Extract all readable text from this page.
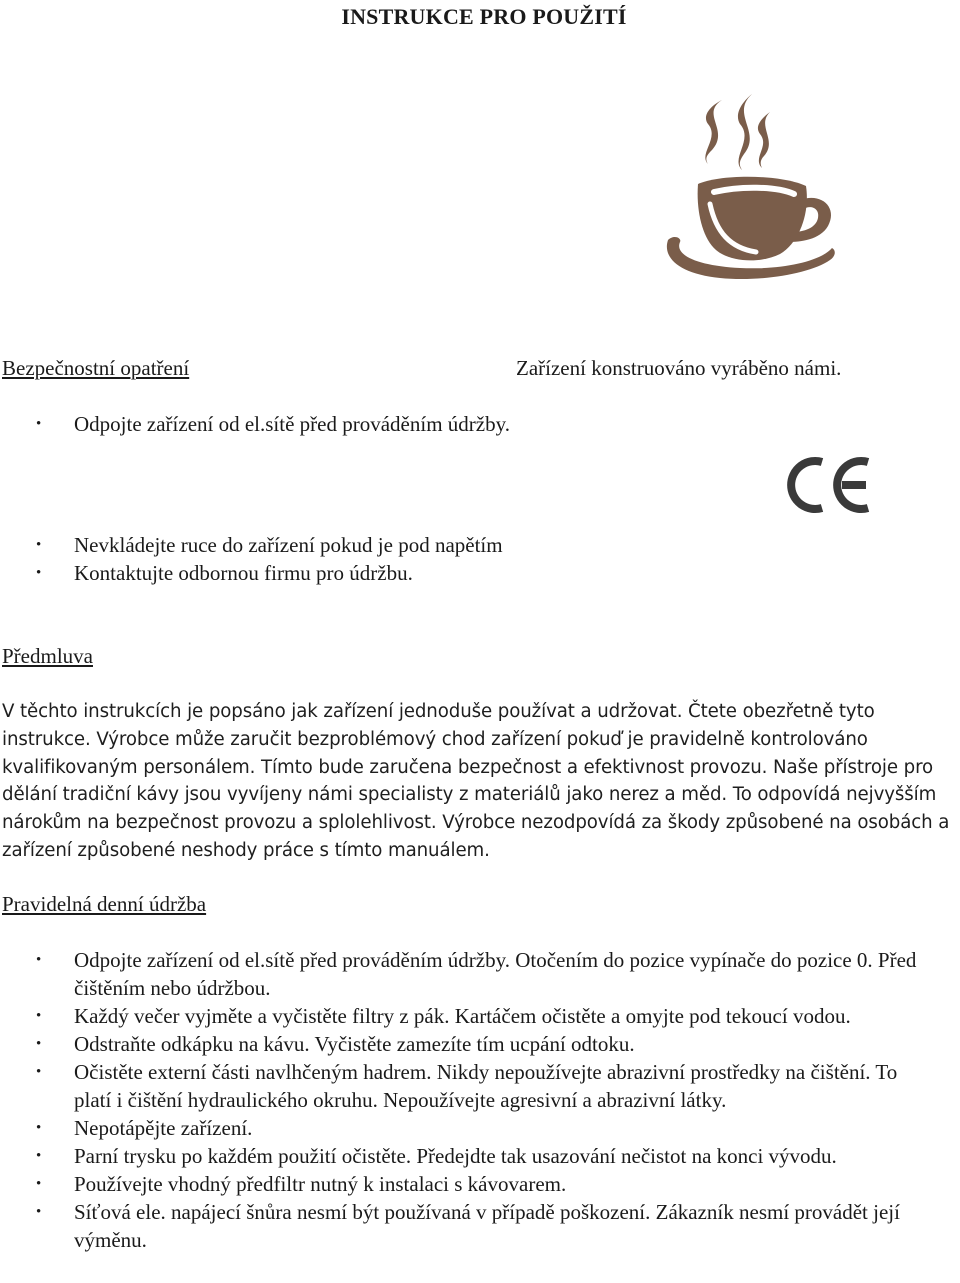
INSTRUKCE PRO POUŽITÍ
Bezpečnostní opatření	Zařízení konstruováno vyráběno námi.
• Odpojte zařízení od el.sítě před prováděním údržby.
• Nevkládejte ruce do zařízení pokud je pod napětím
• Kontaktujte odbornou firmu pro údržbu.
Předmluva
V těchto instrukcích je popsáno jak zařízení jednoduše používat a udržovat. Čtete obezřetně tyto instrukce. Výrobce může zaručit bezproblémový chod zařízení pokuď je pravidelně kontrolováno kvalifikovaným personálem. Tímto bude zaručena bezpečnost a efektivnost provozu. Naše přístroje pro dělání tradiční kávy jsou vyvíjeny námi specialisty z materiálů jako nerez a měd. To odpovídá nejvyšším nárokům na bezpečnost provozu a splolehlivost. Výrobce nezodpovídá za škody způsobené na osobách a zařízení způsobené neshody práce s tímto manuálem.
Pravidelná denní údržba
• Odpojte zařízení od el.sítě před prováděním údržby. Otočením do pozice vypínače do pozice 0. Před čištěním nebo údržbou.
• Každý večer vyjměte a vyčistěte filtry z pák. Kartáčem očistěte a omyjte pod tekoucí vodou.
• Odstraňte odkápku na kávu. Vyčistěte zamezíte tím ucpání odtoku.
• Očistěte externí části navlhčeným hadrem. Nikdy nepoužívejte abrazivní prostředky na čištění. To platí i čištění hydraulického okruhu. Nepoužívejte agresivní a abrazivní látky.
• Nepotápějte zařízení.
• Parní trysku po každém použití očistěte. Předejdte tak usazování nečistot na konci vývodu.
• Používejte vhodný předfiltr nutný k instalaci s kávovarem.
• Síťová ele. napájecí šnůra nesmí být používaná v případě poškození. Zákazník nesmí provádět její výměnu.
